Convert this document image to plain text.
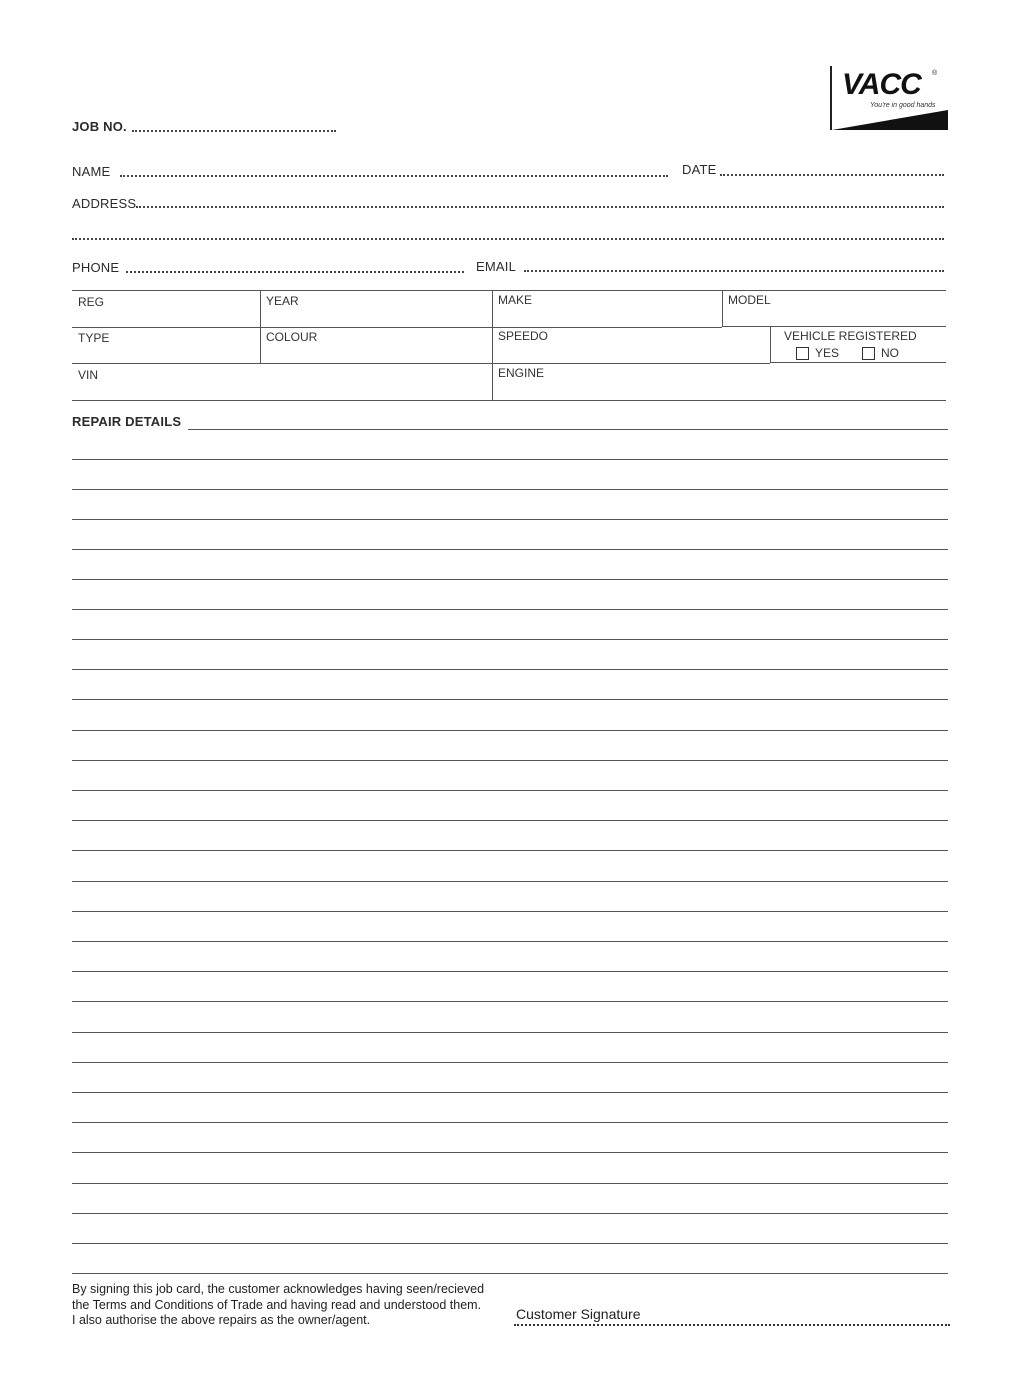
VACC ®
You're in good hands
JOB NO.
NAME	DATE
ADDRESS
PHONE	EMAIL
REG	YEAR	MAKE	MODEL
TYPE	COLOUR	SPEEDO	VEHICLE REGISTERED
YES	NO
VIN	ENGINE
REPAIR DETAILS
By signing this job card, the customer acknowledges having seen/recieved
the Terms and Conditions of Trade and having read and understood them.
I also authorise the above repairs as the owner/agent.	Customer Signature
